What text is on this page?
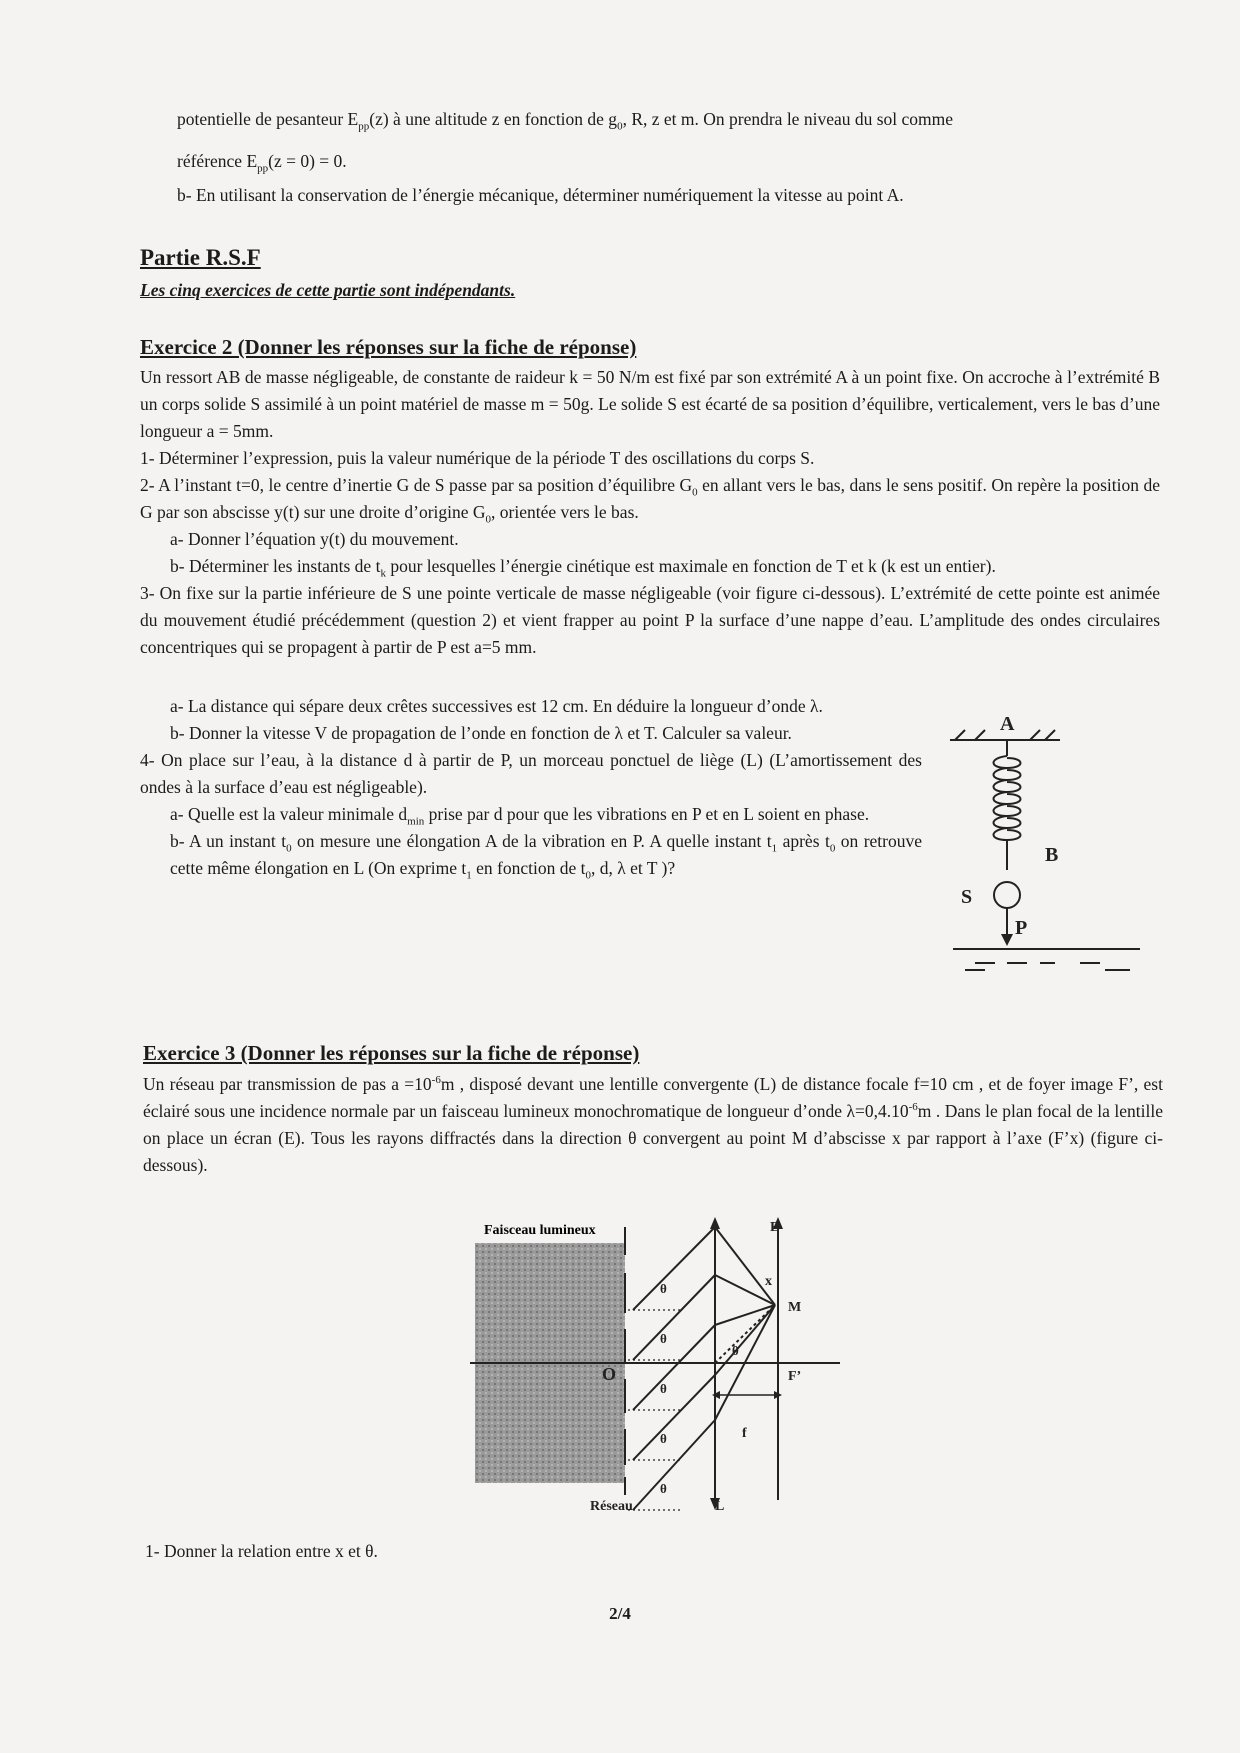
potentielle de pesanteur $E_{pp}(z)$ à une altitude z en fonction de $g_0$, R, z et m. On prendra le niveau du sol comme
référence $E_{pp}(z = 0) = 0$.
b- En utilisant la conservation de l’énergie mécanique, déterminer numériquement la vitesse au point A.
Partie R.S.F
Les cinq exercices de cette partie sont indépendants.
Exercice 2 (Donner les réponses sur la fiche de réponse)

Un ressort AB de masse négligeable, de constante de raideur k = 50 N/m est fixé par son extrémité A à un point fixe. On accroche à l’extrémité B un corps solide S assimilé à un point matériel de masse m = 50g. Le solide S est écarté de sa position d’équilibre, verticalement, vers le bas d’une longueur a = 5mm.

1- Déterminer l’expression, puis la valeur numérique de la période T des oscillations du corps S.

2- A l’instant t=0, le centre d’inertie G de S passe par sa position d’équilibre $G_0$ en allant vers le bas, dans le sens positif. On repère la position de G par son abscisse y(t) sur une droite d’origine $G_0$, orientée vers le bas.

a- Donner l’équation y(t) du mouvement.

b- Déterminer les instants de $t_k$ pour lesquelles l’énergie cinétique est maximale en fonction de T et k (k est un entier).

3- On fixe sur la partie inférieure de S une pointe verticale de masse négligeable (voir figure ci-dessous). L’extrémité de cette pointe est animée du mouvement étudié précédemment (question 2) et vient frapper au point P la surface d’une nappe d’eau. L’amplitude des ondes circulaires concentriques qui se propagent à partir de P est a=5 mm.

a- La distance qui sépare deux crêtes successives est 12 cm. En déduire la longueur d’onde λ.

b- Donner la vitesse V de propagation de l’onde en fonction de λ et T. Calculer sa valeur.

4- On place sur l’eau, à la distance d à partir de P, un morceau ponctuel de liège (L) (L’amortissement des ondes à la surface d’eau est négligeable).

a- Quelle est la valeur minimale $d_{min}$ prise par d pour que les vibrations en P et en L soient en phase.

b- A un instant $t_0$ on mesure une élongation A de la vibration en P. A quelle instant $t_1$ après $t_0$ on retrouve cette même élongation en L (On exprime $t_1$ en fonction de $t_0$, d, λ et T )?

A
B
S
P
Exercice 3 (Donner les réponses sur la fiche de réponse)

Un réseau par transmission de pas $a =10^{-6}m$ , disposé devant une lentille convergente (L) de distance focale f=10 cm , et de foyer image F’, est éclairé sous une incidence normale par un faisceau lumineux monochromatique de longueur d’onde $\lambda=0,4.10^{-6}m$ . Dans le plan focal de la lentille on place un écran (E). Tous les rayons diffractés dans la direction θ convergent au point M d’abscisse x par rapport à l’axe (F’x) (figure ci-dessous).

Faisceau lumineux
θ
θ
θ
θ
θ
θ
E
M
x
F’
O
f
Réseau	L
1- Donner la relation entre x et θ.
2/4
